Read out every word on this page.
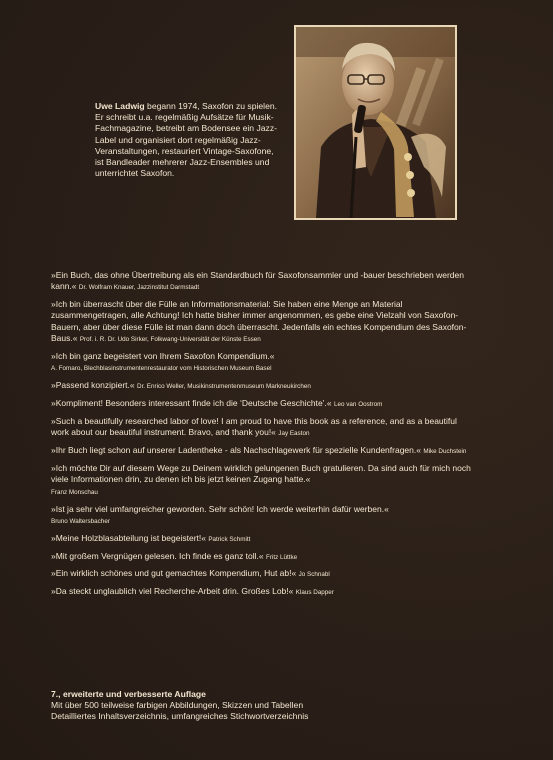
Uwe Ladwig begann 1974, Saxofon zu spielen. Er schreibt u.a. regelmäßig Aufsätze für Musik-Fachmagazine, betreibt am Bodensee ein Jazz-Label und organisiert dort regelmäßig Jazz-Veranstaltungen, restauriert Vintage-Saxofone, ist Bandleader mehrerer Jazz-Ensembles und unterrichtet Saxofon.

»Ein Buch, das ohne Übertreibung als ein Standardbuch für Saxofonsammler und -bauer beschrieben werden kann.« Dr. Wolfram Knauer, Jazzinstitut Darmstadt

»Ich bin überrascht über die Fülle an Informationsmaterial: Sie haben eine Menge an Material zusammengetragen, alle Achtung! Ich hatte bisher immer angenommen, es gebe eine Vielzahl von Saxofon-Bauern, aber über diese Fülle ist man dann doch überrascht. Jedenfalls ein echtes Kompendium des Saxofon-Baus.« Prof. i. R. Dr. Udo Sirker, Folkwang-Universität der Künste Essen

»Ich bin ganz begeistert von Ihrem Saxofon Kompendium.«
A. Fomaro, Blechblasinstrumentenrestaurator vom Historischen Museum Basel

»Passend konzipiert.« Dr. Enrico Weller, Musikinstrumentenmuseum Markneukirchen

»Kompliment! Besonders interessant finde ich die ‘Deutsche Geschichte’.« Leo van Oostrom

»Such a beautifully researched labor of love! I am proud to have this book as a reference, and as a beautiful work about our beautiful instrument. Bravo, and thank you!« Jay Easton

»Ihr Buch liegt schon auf unserer Ladentheke - als Nachschlagewerk für spezielle Kundenfragen.« Mike Duchstein

»Ich möchte Dir auf diesem Wege zu Deinem wirklich gelungenen Buch gratulieren. Da sind auch für mich noch viele Informationen drin, zu denen ich bis jetzt keinen Zugang hatte.«
Franz Monschau

»Ist ja sehr viel umfangreicher geworden. Sehr schön! Ich werde weiterhin dafür werben.«
Bruno Waltersbacher

»Meine Holzblasabteilung ist begeistert!« Patrick Schmitt

»Mit großem Vergnügen gelesen. Ich finde es ganz toll.« Fritz Lüttke

»Ein wirklich schönes und gut gemachtes Kompendium, Hut ab!« Jo Schnabl

»Da steckt unglaublich viel Recherche-Arbeit drin. Großes Lob!« Klaus Dapper

7., erweiterte und verbesserte Auflage
Mit über 500 teilweise farbigen Abbildungen, Skizzen und Tabellen
Detailliertes Inhaltsverzeichnis, umfangreiches Stichwortverzeichnis
